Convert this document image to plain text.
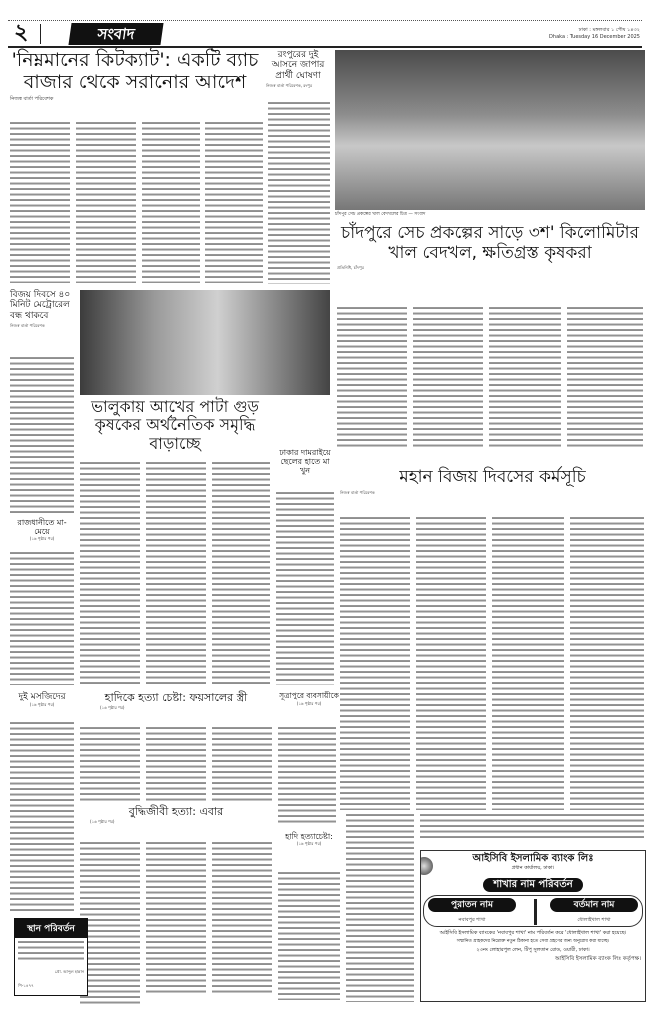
২	সংবাদ	ঢাকা : মঙ্গলবার ১ পৌষ ১৪৩২
Dhaka : Tuesday 16 December 2025
'নিম্নমানের কিটক্যাট': একটি ব্যাচ বাজার থেকে সরানোর আদেশ
নিজস্ব বার্তা পরিবেশক
রংপুরের দুই আসনে জাপার প্রার্থী ঘোষণা
নিজস্ব বার্তা পরিবেশক, রংপুর
চাঁদপুর সেচ প্রকল্পের খাল বেদখলের চিত্র — সংবাদ
চাঁদপুরে সেচ প্রকল্পের সাড়ে ৩শ' কিলোমিটার খাল বেদখল, ক্ষতিগ্রস্ত কৃষকরা
প্রতিনিধি, চাঁদপুর
বিজয় দিবসে ৪০ মিনিট মেট্রোরেল বন্ধ থাকবে
নিজস্ব বার্তা পরিবেশক
ভালুকায় আখের পাটা গুড় কৃষকের অর্থনৈতিক সমৃদ্ধি বাড়াচ্ছে
রাজধানীতে মা-মেয়ে
(১৬ পৃষ্ঠার পর)
ঢাকার দামরাইয়ে ছেলের হাতে মা খুন	মহান বিজয় দিবসের কর্মসূচি
নিজস্ব বার্তা পরিবেশক
দুই মসজিদের
(১৬ পৃষ্ঠার পর)
হাদিকে হত্যা চেষ্টা: ফয়সালের স্ত্রী
(১৬ পৃষ্ঠার পর)
সূত্রাপুরে ব্যবসায়ীকে
(১৬ পৃষ্ঠার পর)
বুদ্ধিজীবী হত্যা: এবার
(১৬ পৃষ্ঠার পর)
হাদি হত্যাচেষ্টা:
(১৬ পৃষ্ঠার পর)
স্থান পরিবর্তন
প্রো. আব্দুল হান্নান
পি-১৪৭৭
আইসিবি ইসলামিক ব্যাংক লিঃ
প্রধান কার্যালয়, ঢাকা।
শাখার নাম পরিবর্তন
পুরাতন নাম
নবাবপুর শাখা
বর্তমান নাম
ধোলাইখাল শাখা
আইসিবি ইসলামিক ব্যাংকের 'নবাবপুর শাখা' নাম পরিবর্তন করে 'ধোলাইখাল শাখা' করা হয়েছে।
সম্মানিত গ্রাহকদের নিম্নোক্ত নতুন ঠিকানা হতে সেবা গ্রহণের জন্য অনুরোধ করা যাচ্ছে।
২৩নং লোহারপুল লেন, টিপু সুলতান রোড, ওয়ারী, ঢাকা।
আইসিবি ইসলামিক ব্যাংক লিঃ কর্তৃপক্ষ।
